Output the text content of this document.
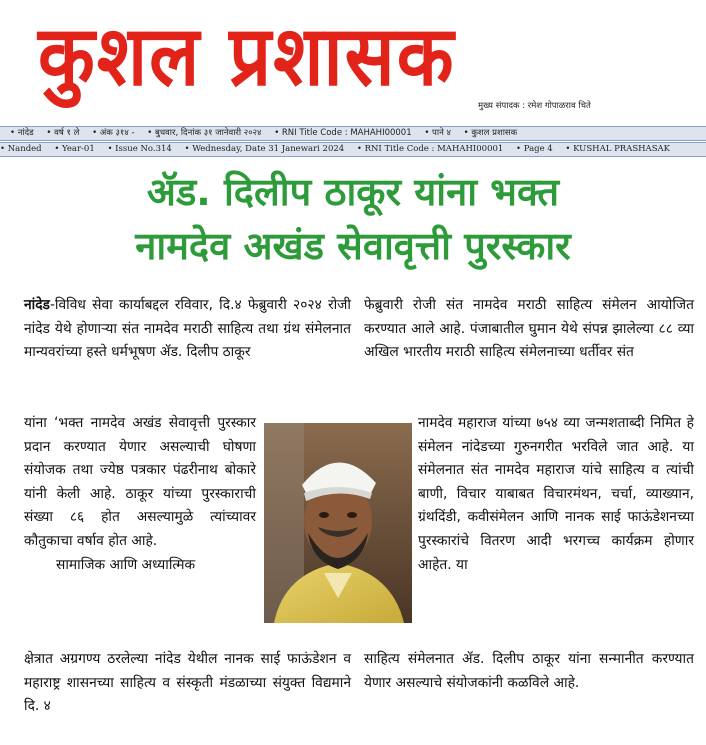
कुशल प्रशासक
मुख्य संपादक : रमेश गोपाळराव चिते
• नांदेड • वर्ष १ ले • अंक ३१४ - • बुधवार, दिनांक ३१ जानेवारी २०२४ • RNI Title Code : MAHAHI00001 • पाने ४ • कुशल प्रशासक
• Nanded • Year-01 • Issue No.314 • Wednesday, Date 31 Janewari 2024 • RNI Title Code : MAHAHI00001 • Page 4 • KUSHAL PRASHASAK
ॲड. दिलीप ठाकूर यांना भक्त
नामदेव अखंड सेवावृत्ती पुरस्कार

नांदेड-विविध सेवा कार्याबद्दल रविवार, दि.४ फेब्रुवारी २०२४ रोजी नांदेड येथे होणाऱ्या संत नामदेव मराठी साहित्य तथा ग्रंथ संमेलनात मान्यवरांच्या हस्ते धर्मभूषण ॲड. दिलीप ठाकूर

यांना ‘भक्त नामदेव अखंड सेवावृत्ती पुरस्कार प्रदान करण्यात येणार असल्याची घोषणा संयोजक तथा ज्येष्ठ पत्रकार पंढरीनाथ बोकारे यांनी केली आहे. ठाकूर यांच्या पुरस्काराची संख्या ८६ होत असल्यामुळे त्यांच्यावर कौतुकाचा वर्षाव होत आहे.

सामाजिक आणि अध्यात्मिक

क्षेत्रात अग्रगण्य ठरलेल्या नांदेड येथील नानक साई फाऊंडेशन व महाराष्ट्र शासनच्या साहित्य व संस्कृती मंडळाच्या संयुक्त विद्यमाने दि. ४

फेब्रुवारी रोजी संत नामदेव मराठी साहित्य संमेलन आयोजित करण्यात आले आहे. पंजाबातील घुमान येथे संपन्न झालेल्या ८८ व्या अखिल भारतीय मराठी साहित्य संमेलनाच्या धर्तीवर संत

नामदेव महाराज यांच्या ७५४ व्या जन्मशताब्दी निमित हे संमेलन नांदेडच्या गुरुनगरीत भरविले जात आहे. या संमेलनात संत नामदेव महाराज यांचे साहित्य व त्यांची बाणी, विचार याबाबत विचारमंथन, चर्चा, व्याख्यान, ग्रंथदिंडी, कवीसंमेलन आणि नानक साई फाऊंडेशनच्या पुरस्कारांचे वितरण आदी भरगच्च कार्यक्रम होणार आहेत. या

साहित्य संमेलनात ॲड. दिलीप ठाकूर यांना सन्मानीत करण्यात येणार असल्याचे संयोजकांनी कळविले आहे.
